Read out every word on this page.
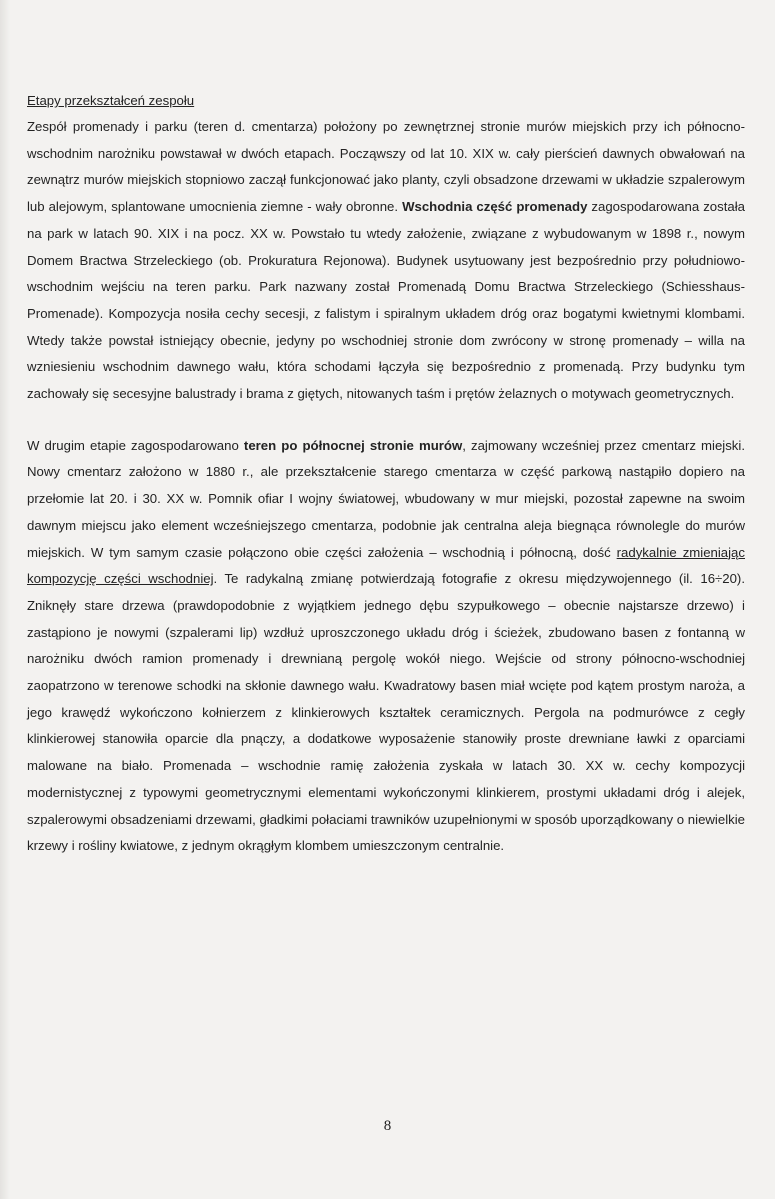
Etapy przekształceń zespołu

Zespół promenady i parku (teren d. cmentarza) położony po zewnętrznej stronie murów miejskich przy ich północno-wschodnim narożniku powstawał w dwóch etapach. Począwszy od lat 10. XIX w. cały pierścień dawnych obwałowań na zewnątrz murów miejskich stopniowo zaczął funkcjonować jako planty, czyli obsadzone drzewami w układzie szpalerowym lub alejowym, splantowane umocnienia ziemne - wały obronne. Wschodnia część promenady zagospodarowana została na park w latach 90. XIX i na pocz. XX w. Powstało tu wtedy założenie, związane z wybudowanym w 1898 r., nowym Domem Bractwa Strzeleckiego (ob. Prokuratura Rejonowa). Budynek usytuowany jest bezpośrednio przy południowo-wschodnim wejściu na teren parku. Park nazwany został Promenadą Domu Bractwa Strzeleckiego (Schiesshaus-Promenade). Kompozycja nosiła cechy secesji, z falistym i spiralnym układem dróg oraz bogatymi kwietnymi klombami. Wtedy także powstał istniejący obecnie, jedyny po wschodniej stronie dom zwrócony w stronę promenady – willa na wzniesieniu wschodnim dawnego wału, która schodami łączyła się bezpośrednio z promenadą. Przy budynku tym zachowały się secesyjne balustrady i brama z giętych, nitowanych taśm i prętów żelaznych o motywach geometrycznych.

W drugim etapie zagospodarowano teren po północnej stronie murów, zajmowany wcześniej przez cmentarz miejski. Nowy cmentarz założono w 1880 r., ale przekształcenie starego cmentarza w część parkową nastąpiło dopiero na przełomie lat 20. i 30. XX w. Pomnik ofiar I wojny światowej, wbudowany w mur miejski, pozostał zapewne na swoim dawnym miejscu jako element wcześniejszego cmentarza, podobnie jak centralna aleja biegnąca równolegle do murów miejskich. W tym samym czasie połączono obie części założenia – wschodnią i północną, dość radykalnie zmieniając kompozycję części wschodniej. Te radykalną zmianę potwierdzają fotografie z okresu międzywojennego (il. 16÷20). Zniknęły stare drzewa (prawdopodobnie z wyjątkiem jednego dębu szypułkowego – obecnie najstarsze drzewo) i zastąpiono je nowymi (szpalerami lip) wzdłuż uproszczonego układu dróg i ścieżek, zbudowano basen z fontanną w narożniku dwóch ramion promenady i drewnianą pergolę wokół niego. Wejście od strony północno-wschodniej zaopatrzono w terenowe schodki na skłonie dawnego wału. Kwadratowy basen miał wcięte pod kątem prostym naroża, a jego krawędź wykończono kołnierzem z klinkierowych kształtek ceramicznych. Pergola na podmurówce z cegły klinkierowej stanowiła oparcie dla pnączy, a dodatkowe wyposażenie stanowiły proste drewniane ławki z oparciami malowane na biało. Promenada – wschodnie ramię założenia zyskała w latach 30. XX w. cechy kompozycji modernistycznej z typowymi geometrycznymi elementami wykończonymi klinkierem, prostymi układami dróg i alejek, szpalerowymi obsadzeniami drzewami, gładkimi połaciami trawników uzupełnionymi w sposób uporządkowany o niewielkie krzewy i rośliny kwiatowe, z jednym okrągłym klombem umieszczonym centralnie.

8
